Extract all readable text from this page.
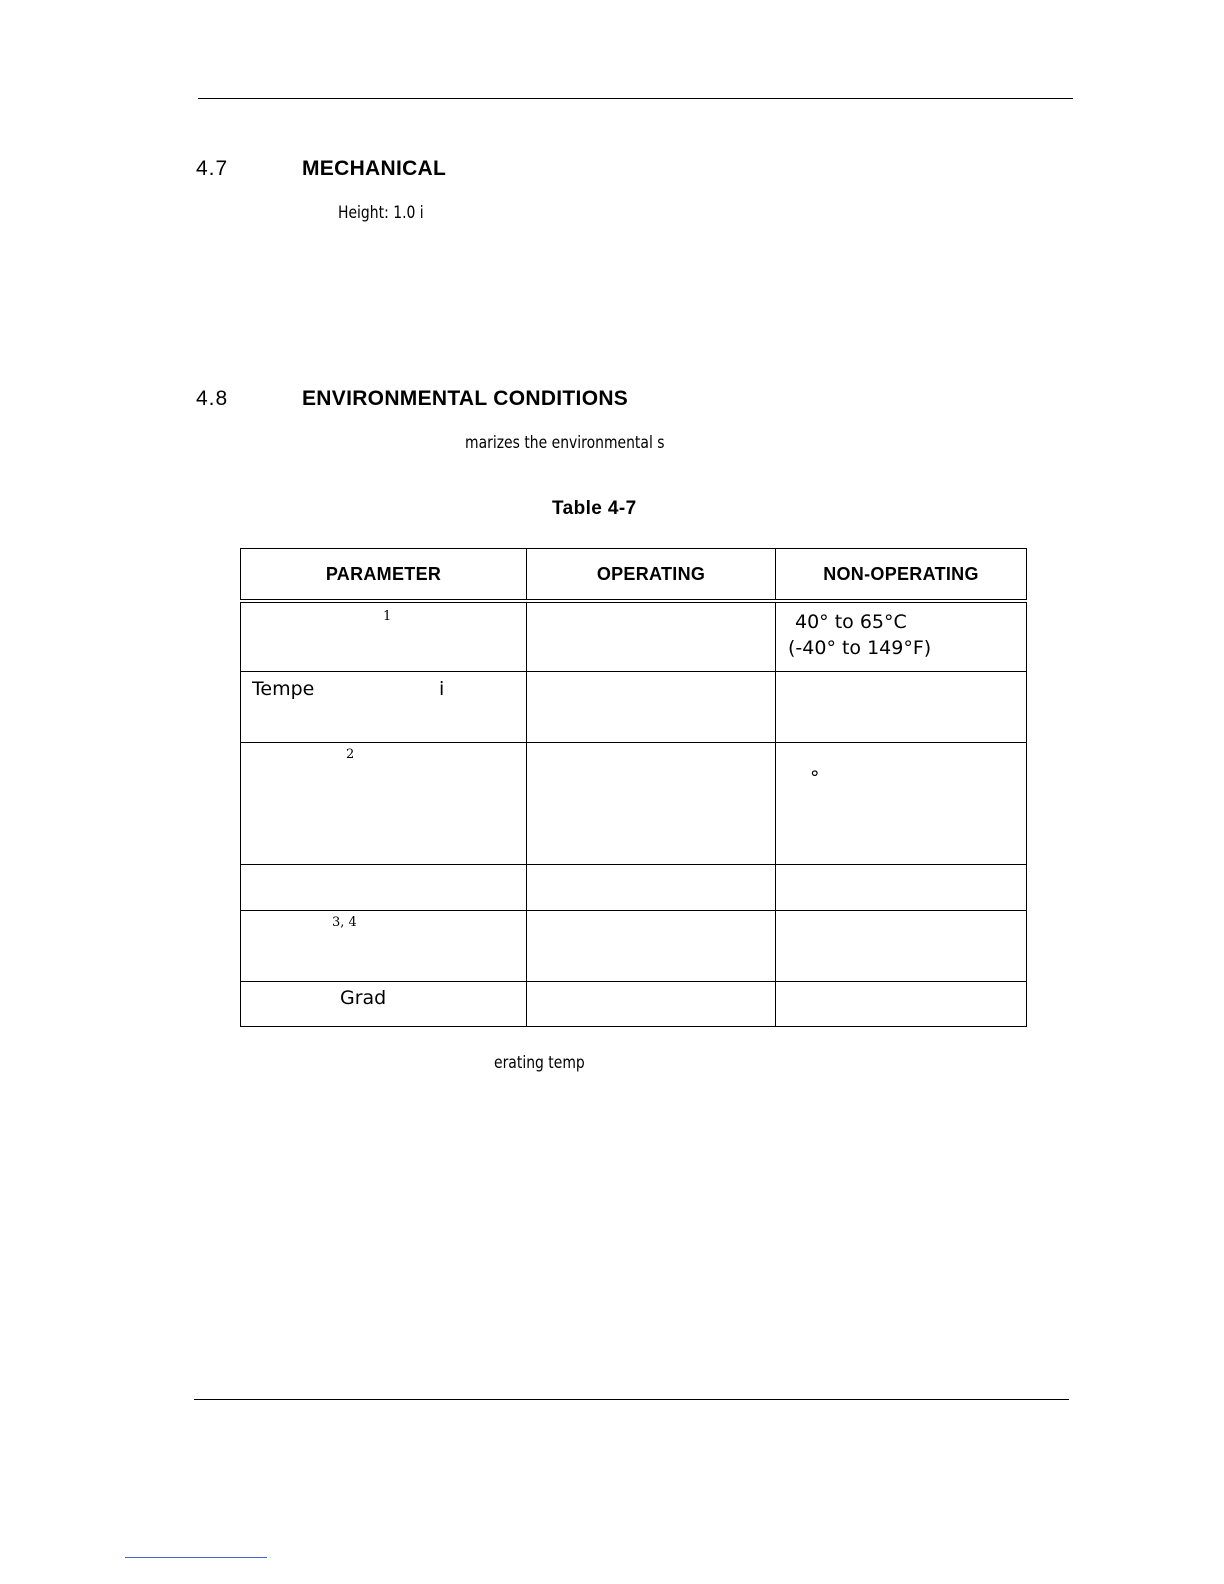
4.7	MECHANICAL

Height: 1.0 i

4.8	ENVIRONMENTAL CONDITIONS

marizes the environmental s

Table 4-7
PARAMETER	OPERATING	NON-OPERATING

1		40° to 65°C
(-40° to 149°F)

Tempe i		

2		°

3, 4		

Grad		

erating temp
